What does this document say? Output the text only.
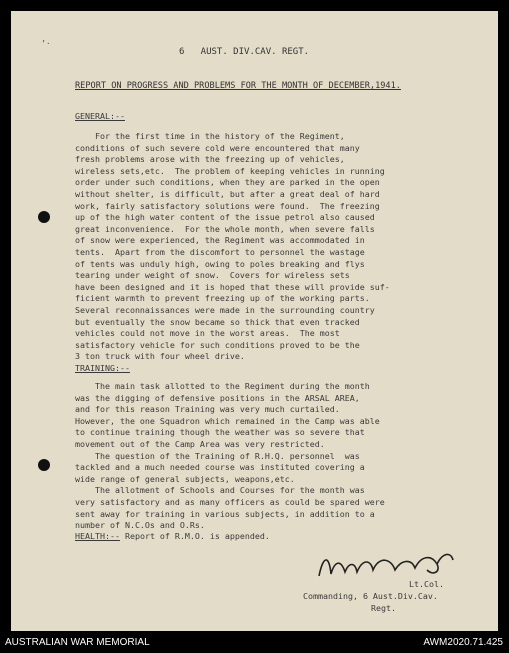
’·
6   AUST. DIV.CAV. REGT.
REPORT ON PROGRESS AND PROBLEMS FOR THE MONTH OF DECEMBER,1941.
GENERAL:--
For the first time in the history of the Regiment,
conditions of such severe cold were encountered that many
fresh problems arose with the freezing up of vehicles,
wireless sets,etc.  The problem of keeping vehicles in running
order under such conditions, when they are parked in the open
without shelter, is difficult, but after a great deal of hard
work, fairly satisfactory solutions were found.  The freezing
up of the high water content of the issue petrol also caused
great inconvenience.  For the whole month, when severe falls
of snow were experienced, the Regiment was accommodated in
tents.  Apart from the discomfort to personnel the wastage
of tents was unduly high, owing to poles breaking and flys
tearing under weight of snow.  Covers for wireless sets
have been designed and it is hoped that these will provide suf-
ficient warmth to prevent freezing up of the working parts.
Several reconnaissances were made in the surrounding country
but eventually the snow became so thick that even tracked
vehicles could not move in the worst areas.  The most
satisfactory vehicle for such conditions proved to be the
3 ton truck with four wheel drive.
TRAINING:--
The main task allotted to the Regiment during the month
was the digging of defensive positions in the ARSAL AREA,
and for this reason Training was very much curtailed.
However, the one Squadron which remained in the Camp was able
to continue training though the weather was so severe that
movement out of the Camp Area was very restricted.
The question of the Training of R.H.Q. personnel  was
tackled and a much needed course was instituted covering a
wide range of general subjects, weapons,etc.
The allotment of Schools and Courses for the month was
very satisfactory and as many officers as could be spared were
sent away for training in various subjects, in addition to a
number of N.C.Os and O.Rs.
HEALTH:-- Report of R.M.O. is appended.
Lt.Col.
Commanding, 6 Aust.Div.Cav.
Regt.
AUSTRALIAN WAR MEMORIAL	AWM2020.71.425
